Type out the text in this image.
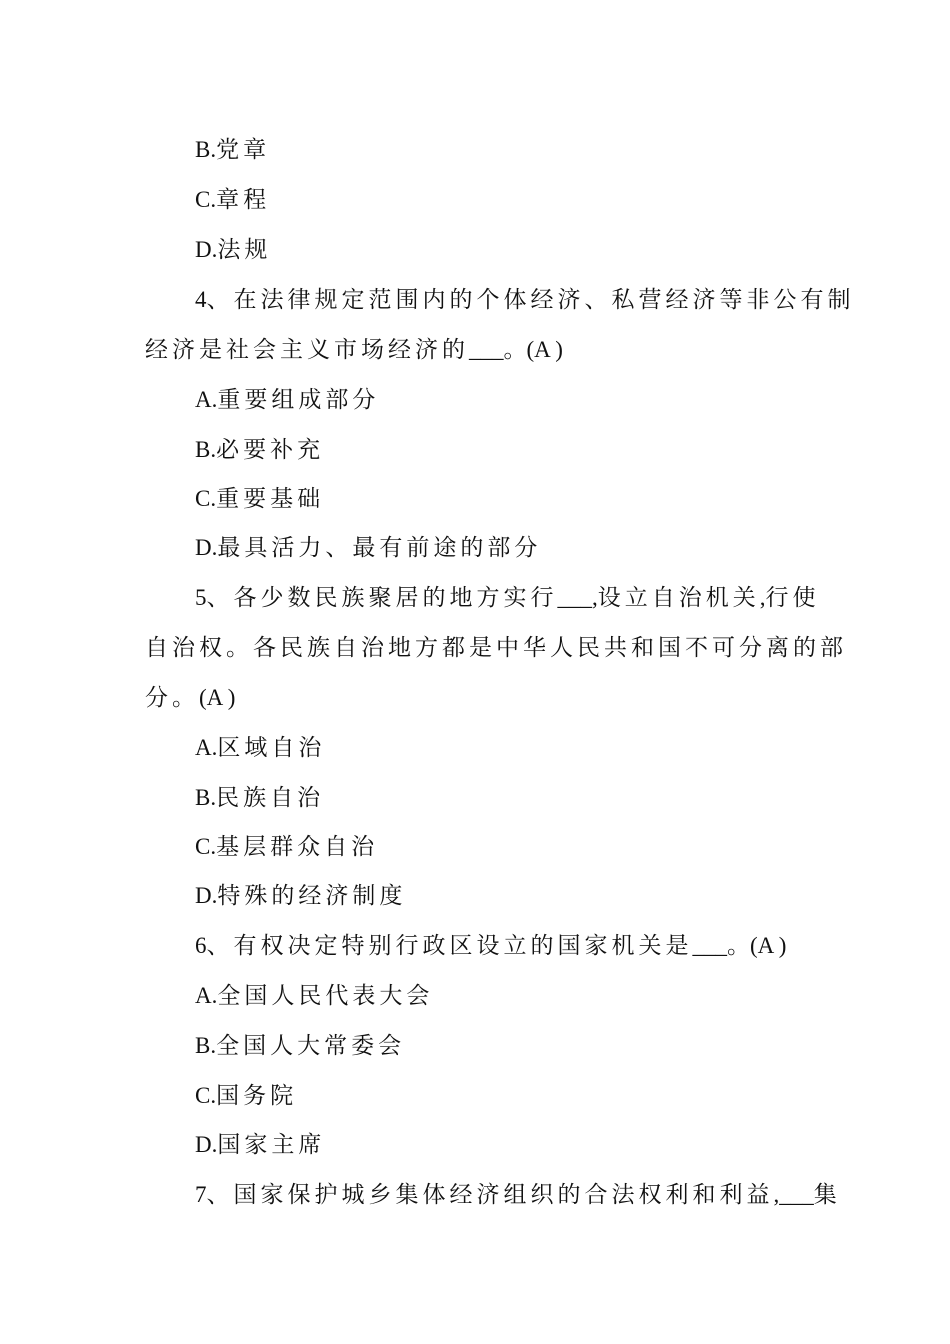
B.党章
C.章程
D.法规
4、在法律规定范围内的个体经济、私营经济等非公有制
经济是社会主义市场经济的___。(A )
A.重要组成部分
B.必要补充
C.重要基础
D.最具活力、最有前途的部分
5、各少数民族聚居的地方实行___,设立自治机关,行使
自治权。各民族自治地方都是中华人民共和国不可分离的部
分。(A )
A.区域自治
B.民族自治
C.基层群众自治
D.特殊的经济制度
6、有权决定特别行政区设立的国家机关是___。(A )
A.全国人民代表大会
B.全国人大常委会
C.国务院
D.国家主席
7、国家保护城乡集体经济组织的合法权利和利益,___集
